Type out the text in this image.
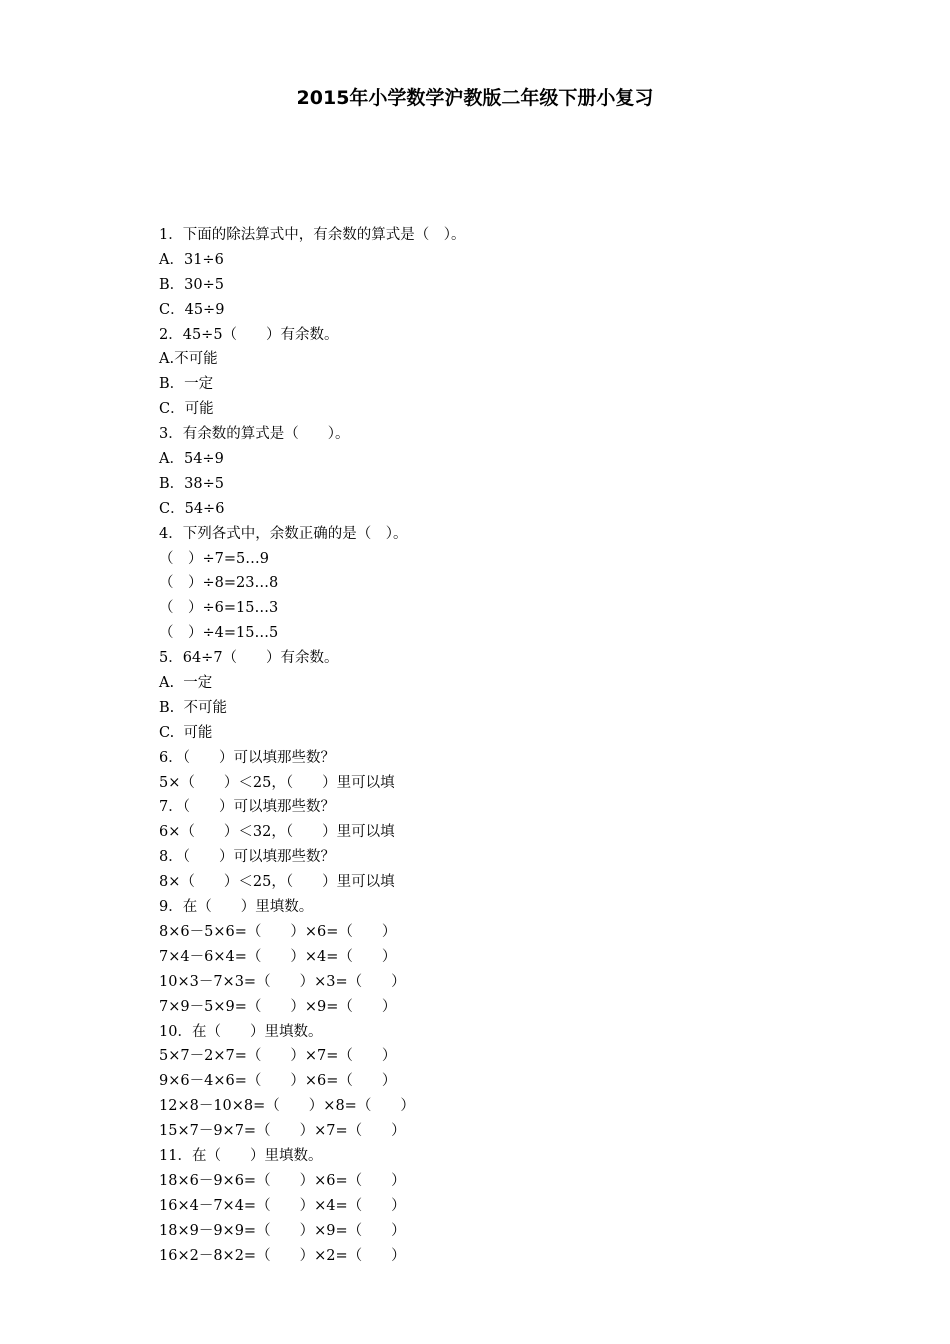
2015年小学数学沪教版二年级下册小复习
1．下面的除法算式中，有余数的算式是（　）。
A．31÷6
B．30÷5
C．45÷9
2．45÷5（　　）有余数。
A.不可能
B．一定
C．可能
3．有余数的算式是（　　）。
A．54÷9
B．38÷5
C．54÷6
4．下列各式中，余数正确的是（　）。
（　）÷7=5…9
（　）÷8=23…8
（　）÷6=15…3
（　）÷4=15…5
5．64÷7（　　）有余数。
A.  一定
B.  不可能
C.  可能
6．（　　）可以填那些数？
5×（　　）＜25，（　　）里可以填
7．（　　）可以填那些数？
6×（　　）＜32，（　　）里可以填
8．（　　）可以填那些数？
8×（　　）＜25，（　　）里可以填
9．在（　　）里填数。
8×6－5×6=（　　）×6=（　　）
7×4－6×4=（　　）×4=（　　）
10×3－7×3=（　　）×3=（　　）
7×9－5×9=（　　）×9=（　　）
10．在（　　）里填数。
5×7－2×7=（　　）×7=（　　）
9×6－4×6=（　　）×6=（　　）
12×8－10×8=（　　）×8=（　　）
15×7－9×7=（　　）×7=（　　）
11．在（　　）里填数。
18×6－9×6=（　　）×6=（　　）
16×4－7×4=（　　）×4=（　　）
18×9－9×9=（　　）×9=（　　）
16×2－8×2=（　　）×2=（　　）
